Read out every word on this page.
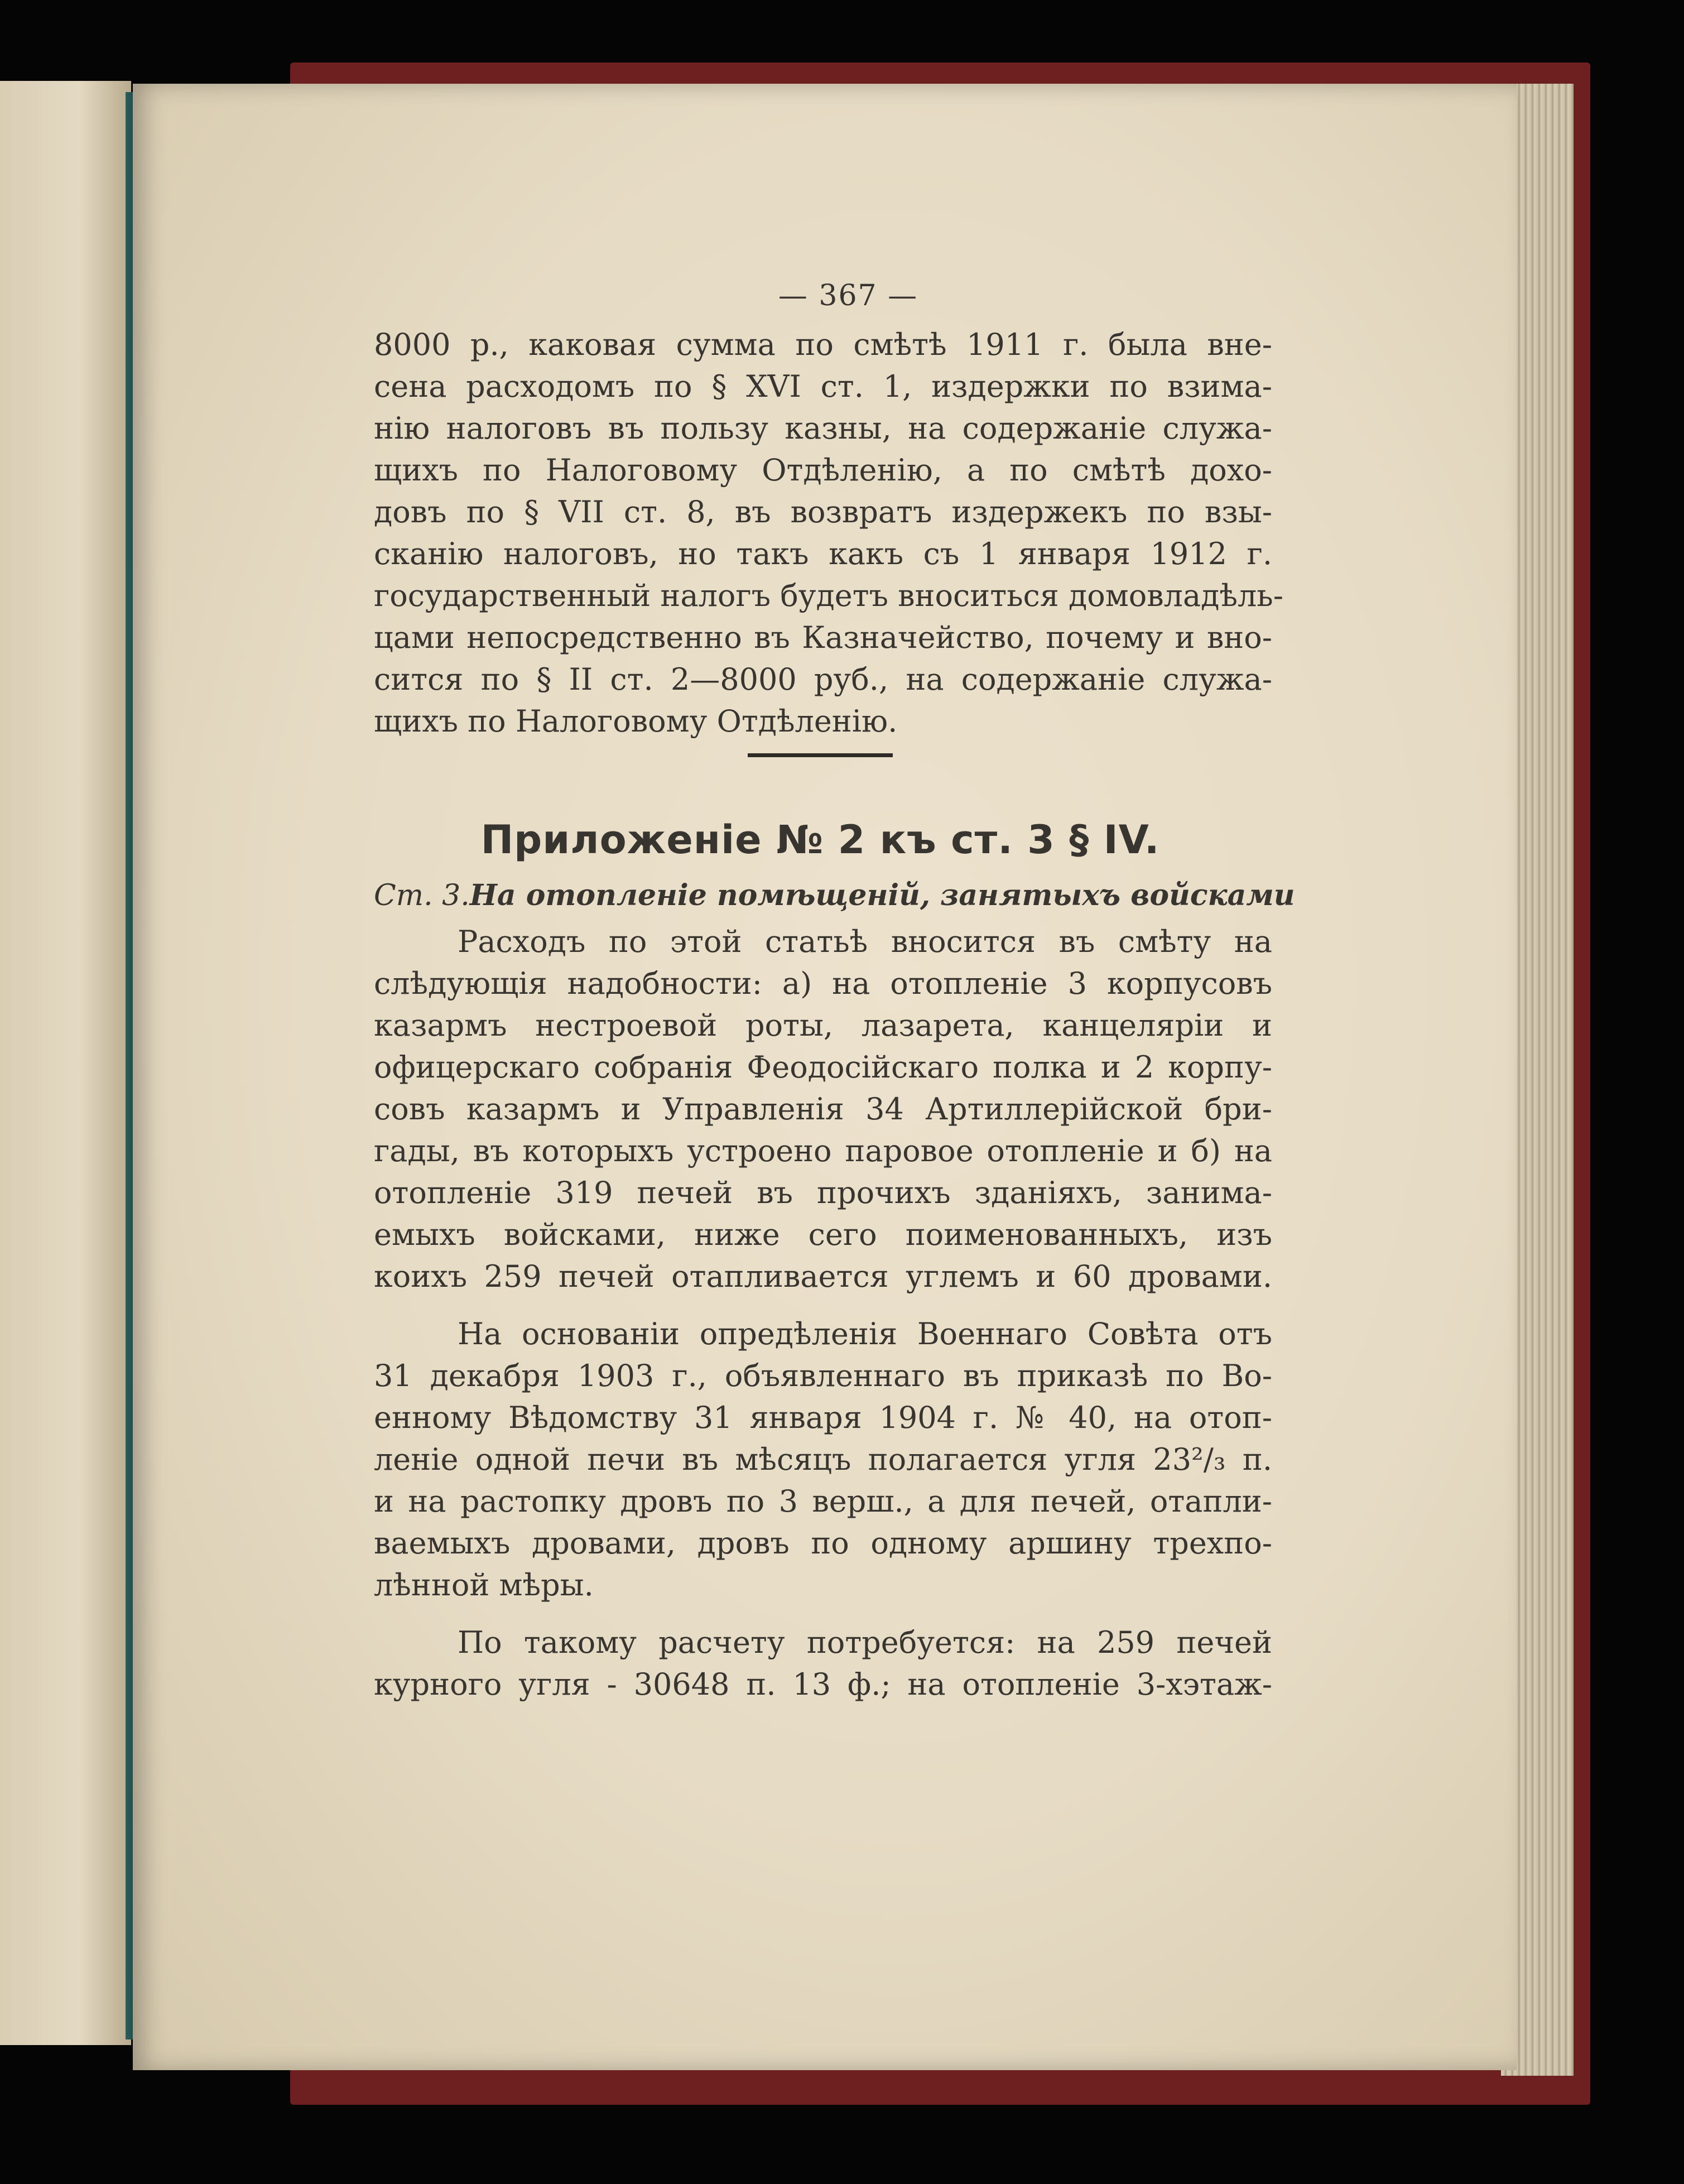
— 367 —

8000 р., каковая сумма по смѣтѣ 1911 г. была вне-

сена расходомъ по § XVI ст. 1, издержки по взима-

нію налоговъ въ пользу казны, на содержаніе служа-

щихъ по Налоговому Отдѣленію, а по смѣтѣ дохо-

довъ по § VII ст. 8, въ возвратъ издержекъ по взы-

сканію налоговъ, но такъ какъ съ 1 января 1912 г.

государственный налогъ будетъ вноситься домовладѣль-

цами непосредственно въ Казначейство, почему и вно-

сится по § II ст. 2—8000 руб., на содержаніе служа-

щихъ по Налоговому Отдѣленію.

Приложеніе № 2 къ ст. 3 § IV.
Ст. 3. На отопленіе помѣщеній, занятыхъ войсками

Расходъ по этой статьѣ вносится въ смѣту на

слѣдующія надобности: а) на отопленіе 3 корпусовъ

казармъ нестроевой роты, лазарета, канцеляріи и

офицерскаго собранія Феодосійскаго полка и 2 корпу-

совъ казармъ и Управленія 34 Артиллерійской бри-

гады, въ которыхъ устроено паровое отопленіе и б) на

отопленіе 319 печей въ прочихъ зданіяхъ, занима-

емыхъ войсками, ниже сего поименованныхъ, изъ

коихъ 259 печей отапливается углемъ и 60 дровами.

На основаніи опредѣленія Военнаго Совѣта отъ

31 декабря 1903 г., объявленнаго въ приказѣ по Во-

енному Вѣдомству 31 января 1904 г. № 40, на отоп-

леніе одной печи въ мѣсяцъ полагается угля 23²/₃ п.

и на растопку дровъ по 3 верш., а для печей, отапли-

ваемыхъ дровами, дровъ по одному аршину трехпо-

лѣнной мѣры.

По такому расчету потребуется: на 259 печей

курного угля - 30648 п. 13 ф.; на отопленіе 3-хэтаж-
